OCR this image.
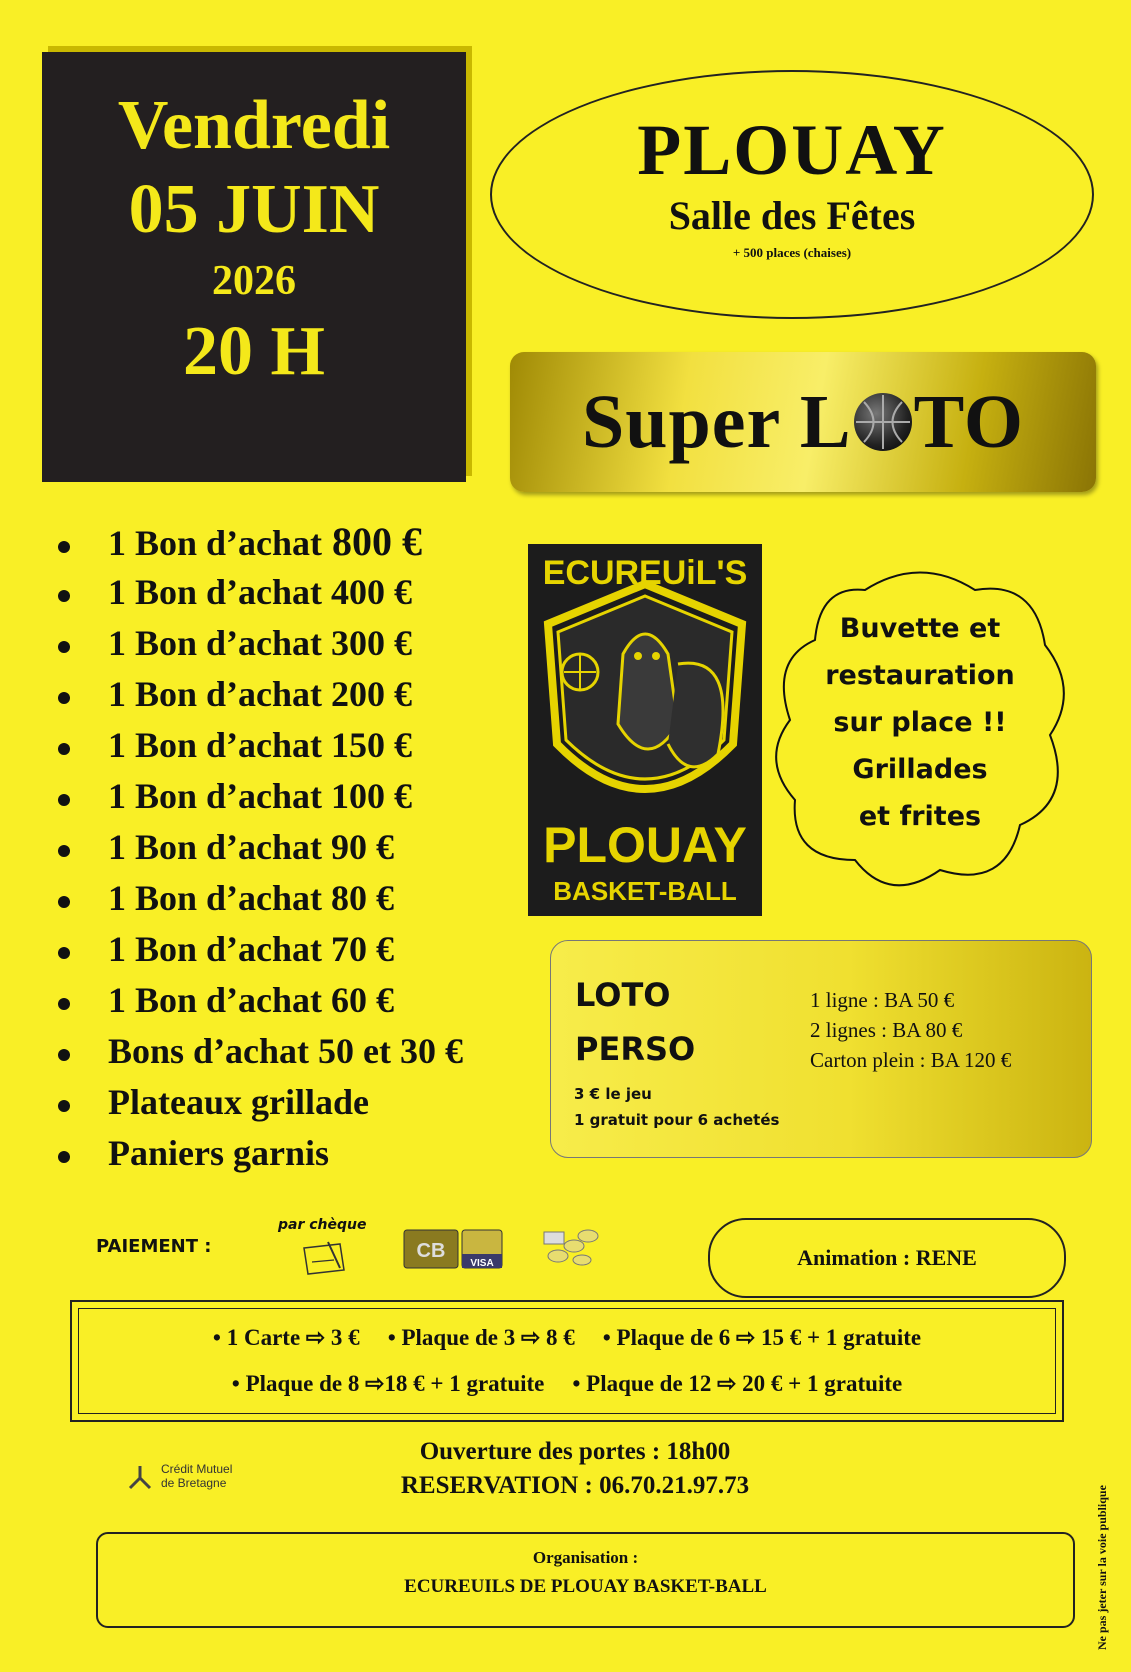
Vendredi
05 JUIN
2026
20 H
PLOUAY
Salle des Fêtes
+ 500 places (chaises)
Super L TO
1 Bon d’achat 800 €
1 Bon d’achat 400 €
1 Bon d’achat 300 €
1 Bon d’achat 200 €
1 Bon d’achat 150 €
1 Bon d’achat 100 €
1 Bon d’achat 90 €
1 Bon d’achat 80 €
1 Bon d’achat 70 €
1 Bon d’achat 60 €
Bons d’achat 50 et 30 €
Plateaux grillade
Paniers garnis
ECUREUiL'S
PLOUAY
BASKET-BALL
Buvette et
restauration
sur place !!
Grillades
et frites
LOTO
PERSO
1 ligne : BA 50 €
2 lignes : BA 80 €
Carton plein : BA 120 €
3 € le jeu
1 gratuit pour 6 achetés
PAIEMENT :
par chèque
CB
VISA	Animation : RENE
• 1 Carte ⇨ 3 € • Plaque de 3 ⇨ 8 € • Plaque de 6 ⇨ 15 € + 1 gratuite
• Plaque de 8 ⇨18 € + 1 gratuite • Plaque de 12 ⇨ 20 € + 1 gratuite
Crédit Mutuel
de Bretagne
Ouverture des portes : 18h00
RESERVATION : 06.70.21.97.73
Organisation :
ECUREUILS DE PLOUAY BASKET-BALL	Ne pas jeter sur la voie publique
